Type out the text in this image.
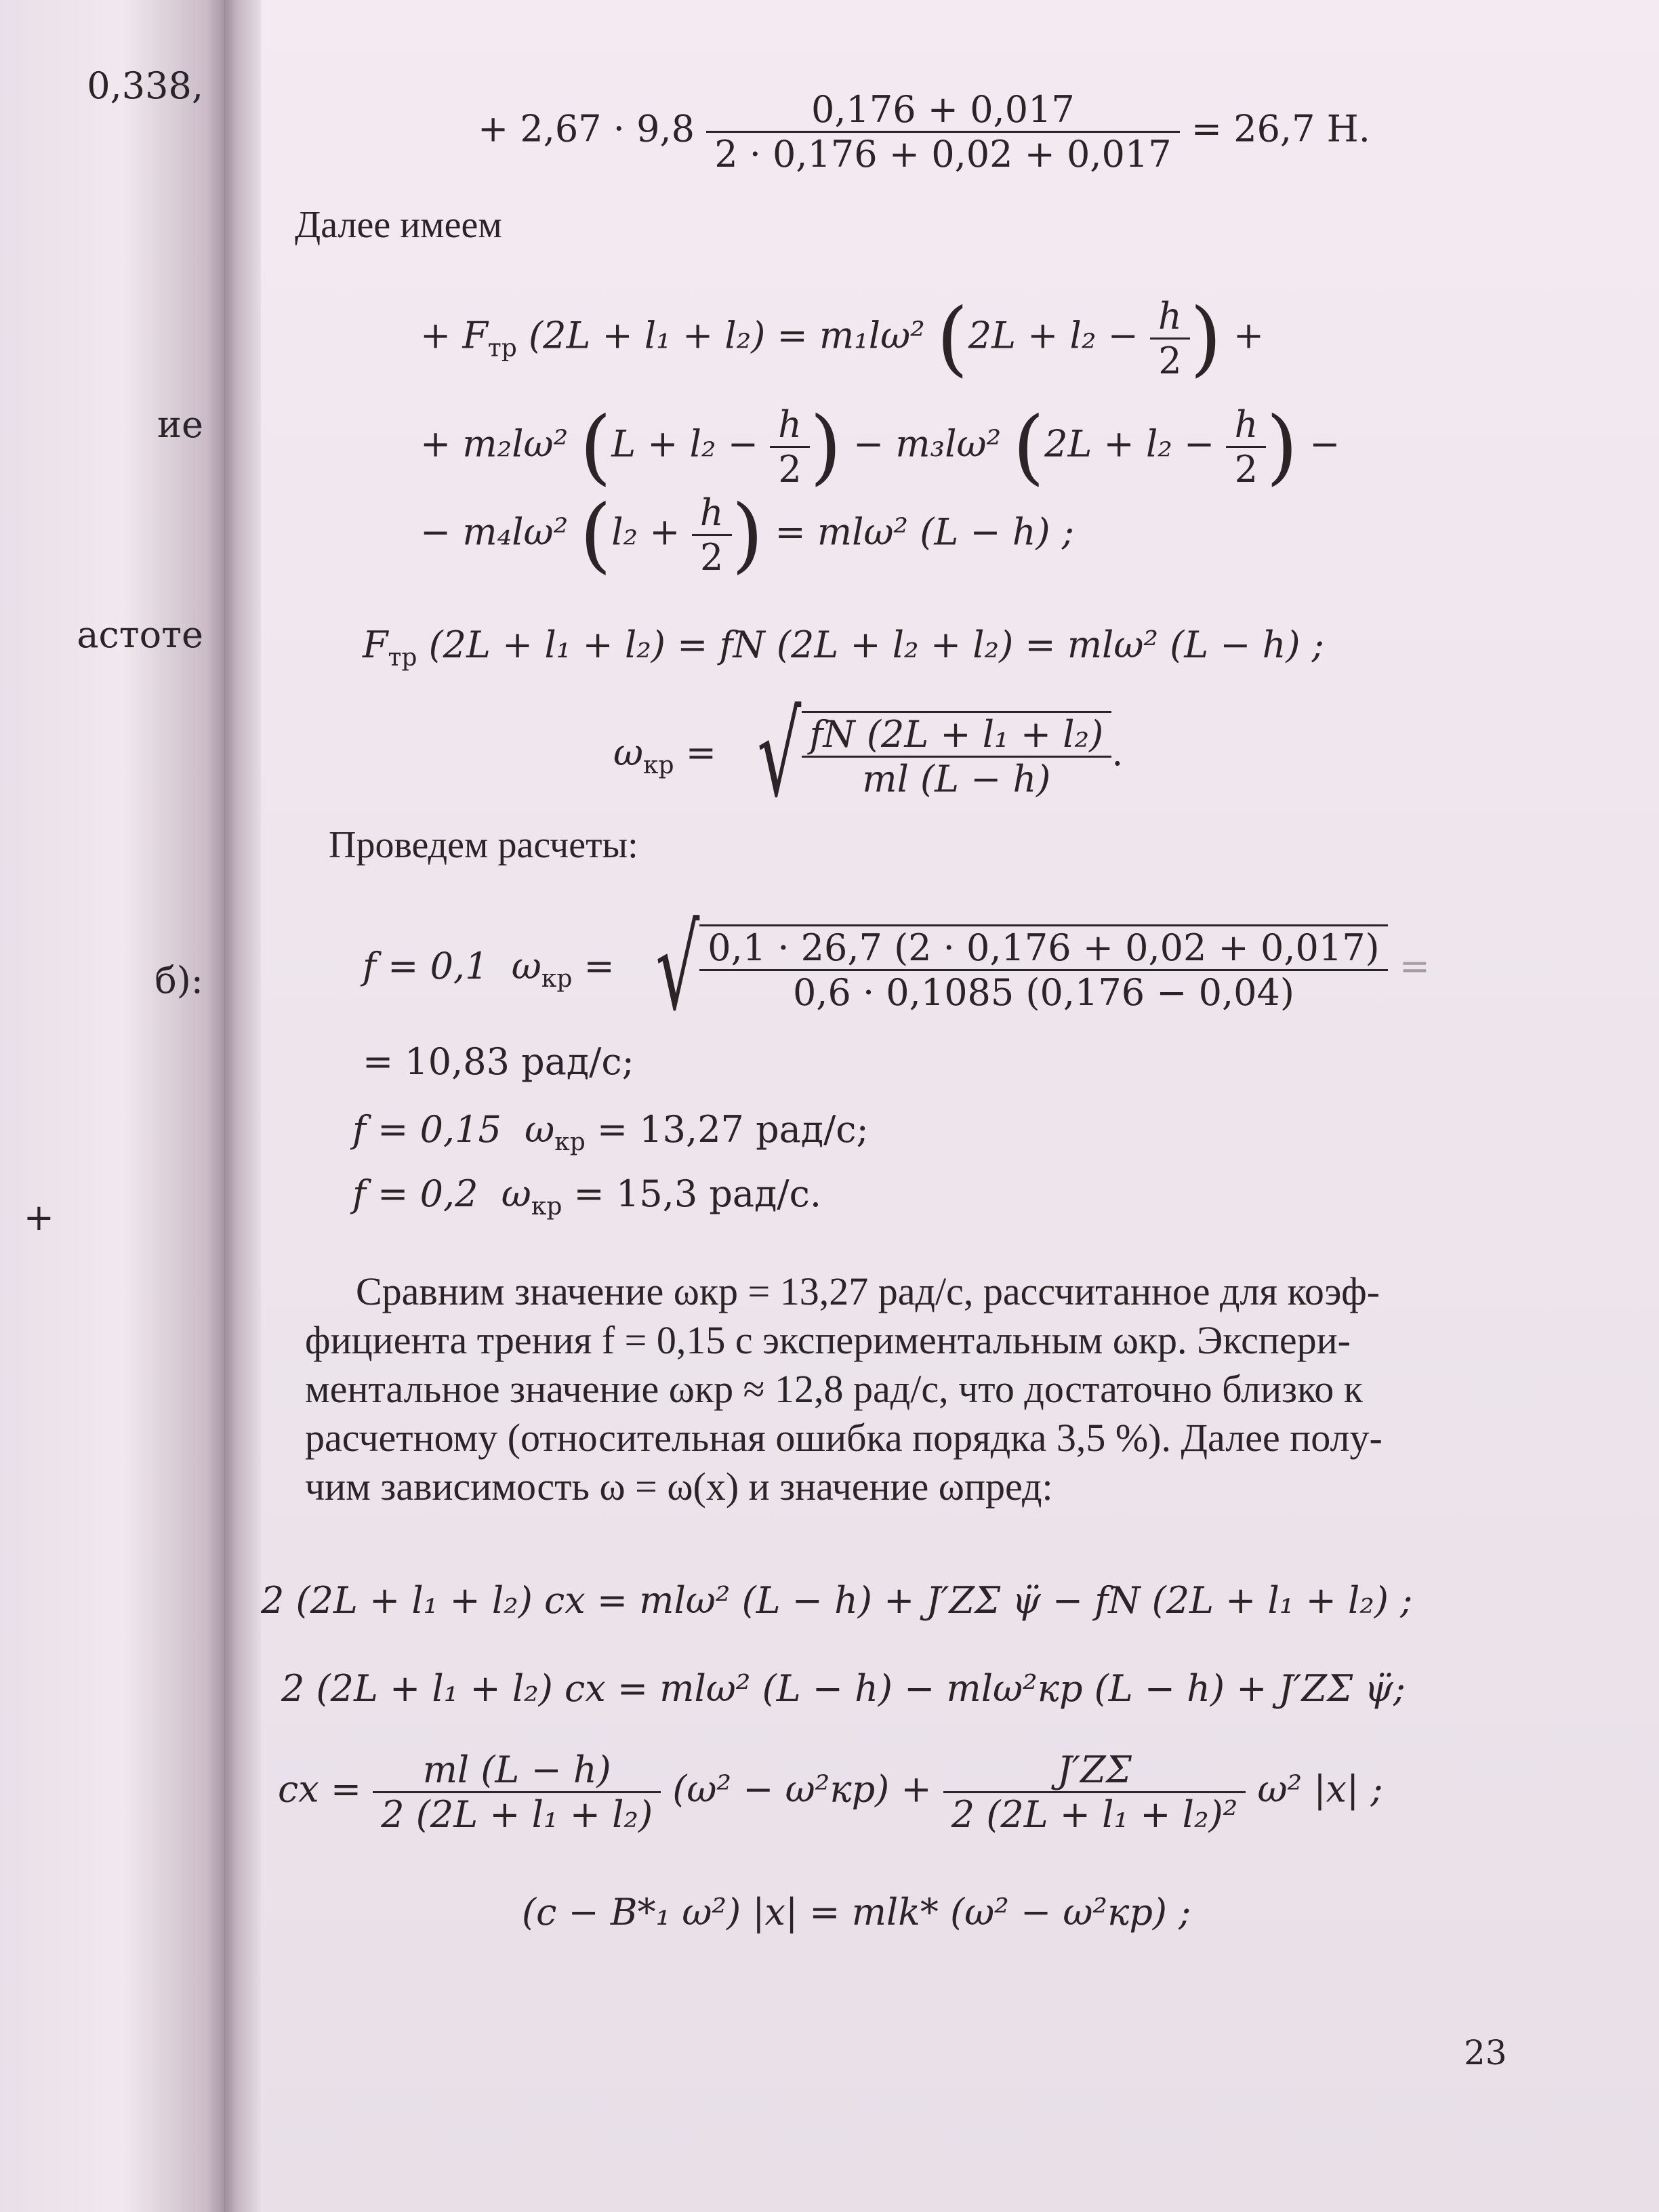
0,338,
ие
астоте
б):
+
+ $2,67 \cdot 9,8 \frac{0,176 + 0,017}{2 \cdot 0,176 + 0,02 + 0,017} = 26,7$ Н.
Далее имеем
+ $F_{тр}$ (2L + l₁ + l₂) = m₁lω² ($2L + l_2 - \frac{h}{2}$ ) +
+ m₂lω² ($L + l_2 - \frac{h}{2}$ ) − m₃lω² ($2L + l_2 - \frac{h}{2}$ ) −
− m₄lω² ($l_2 + \frac{h}{2}$ ) = mlω² (L − h) ;
$F_{тр}$ (2L + l₁ + l₂) = fN (2L + l₂ + l₂) = mlω² (L − h) ;
$\omega_{кр}$ = √ $\frac{\text{fN (2L + l₁ + l₂)}}{ml (L - h)}$ .
Проведем расчеты:
f = 0,1 $\omega_{кр}$ = √ $\frac{0,1 \cdot 26,7 (2 \cdot 0,176 + 0,02 + 0,017)}{0,6 \cdot 0,1085 (0,176 - 0,04)}$ =
= 10,83 рад/с;
f = 0,15 $\omega_{кр} = 13,27$ рад/с;
f = 0,2 $\omega_{кр} = 15,3$ рад/с.
Сравним значение ωкр = 13,27 рад/с, рассчитанное для коэф-
фициента трения f = 0,15 с экспериментальным ωкр. Экспери-
ментальное значение ωкр ≈ 12,8 рад/с, что достаточно близко к
расчетному (относительная ошибка порядка 3,5 %). Далее полу-
чим зависимость ω = ω(x) и значение ωпред:
2 (2L + l₁ + l₂) cx = mlω² (L − h) + J′ZΣ ψ̈ − fN (2L + l₁ + l₂) ;
2 (2L + l₁ + l₂) cx = mlω² (L − h) − mlω²кр (L − h) + J′ZΣ ψ̈;
cx = $\frac{ml (L - h)}{\text{2 (2L + l₁ + l₂)}} (\omega^2 - \omega^2кр) + \frac{J'Z\Sigma}{\text{2 (2L + l₁ + l₂)²}} \omega^2$ |x| ;
(c − B*₁ ω²) |x| = mlk* (ω² − ω²кр) ;
23
